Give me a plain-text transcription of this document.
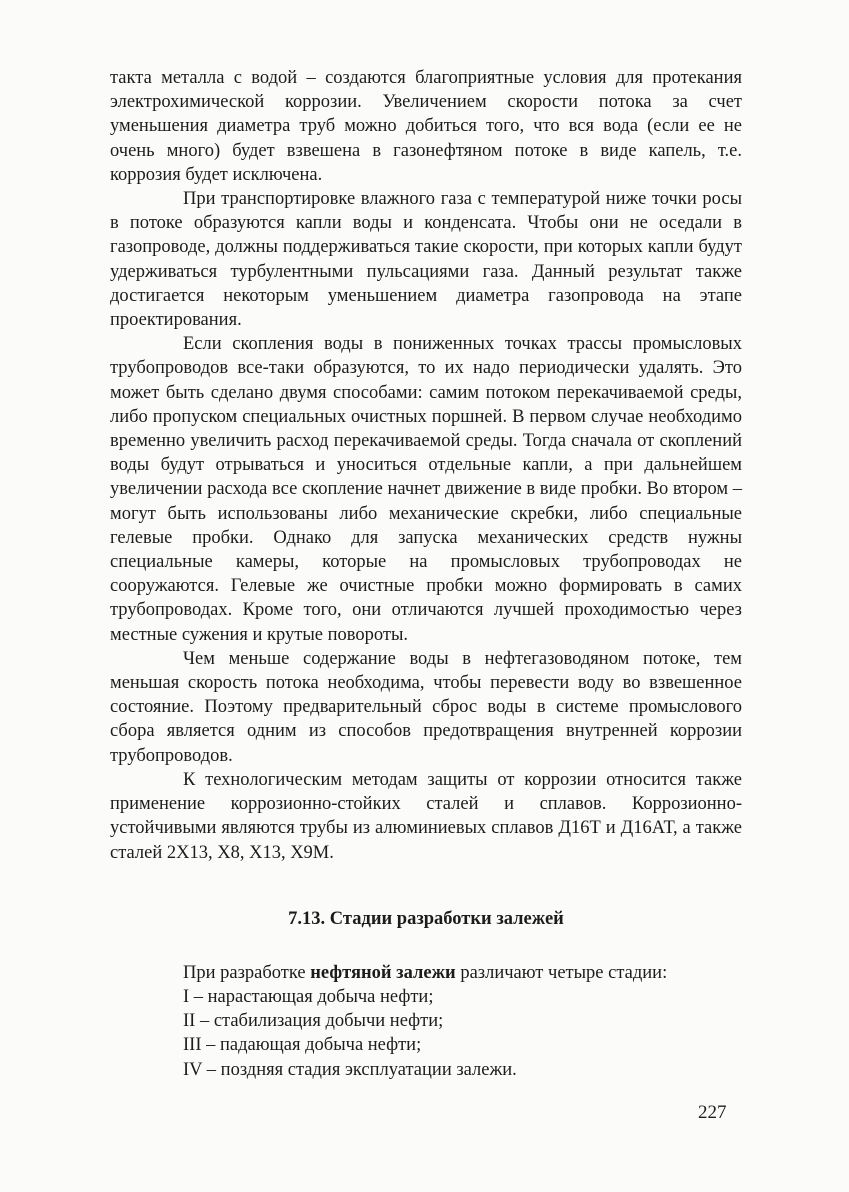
такта металла с водой – создаются благоприятные условия для протекания электрохимической коррозии. Увеличением скорости потока за счет уменьшения диаметра труб можно добиться того, что вся вода (если ее не очень много) будет взвешена в газонефтяном потоке в виде капель, т.е. коррозия будет исключена.

При транспортировке влажного газа с температурой ниже точки росы в потоке образуются капли воды и конденсата. Чтобы они не оседали в газопроводе, должны поддерживаться такие скорости, при которых капли будут удерживаться турбулентными пульсациями газа. Данный результат также достигается некоторым уменьшением диаметра газопровода на этапе проектирования.

Если скопления воды в пониженных точках трассы промысловых трубопроводов все-таки образуются, то их надо периодически удалять. Это может быть сделано двумя способами: самим потоком перекачиваемой среды, либо пропуском специальных очистных поршней. В первом случае необходимо временно увеличить расход перекачиваемой среды. Тогда сначала от скоплений воды будут отрываться и уноситься отдельные капли, а при дальнейшем увеличении расхода все скопление начнет движение в виде пробки. Во втором – могут быть использованы либо механические скребки, либо специальные гелевые пробки. Однако для запуска механических средств нужны специальные камеры, которые на промысловых трубопроводах не сооружаются. Гелевые же очистные пробки можно формировать в самих трубопроводах. Кроме того, они отличаются лучшей проходимостью через местные сужения и крутые повороты.

Чем меньше содержание воды в нефтегазоводяном потоке, тем меньшая скорость потока необходима, чтобы перевести воду во взвешенное состояние. Поэтому предварительный сброс воды в системе промыслового сбора является одним из способов предотвращения внутренней коррозии трубопроводов.

К технологическим методам защиты от коррозии относится также применение коррозионно-стойких сталей и сплавов. Коррозионно-устойчивыми являются трубы из алюминиевых сплавов Д16Т и Д16АТ, а также сталей 2Х13, Х8, Х13, Х9М.

7.13. Стадии разработки залежей

При разработке нефтяной залежи различают четыре стадии:

I – нарастающая добыча нефти;

II – стабилизация добычи нефти;

III – падающая добыча нефти;

IV – поздняя стадия эксплуатации залежи.

227
